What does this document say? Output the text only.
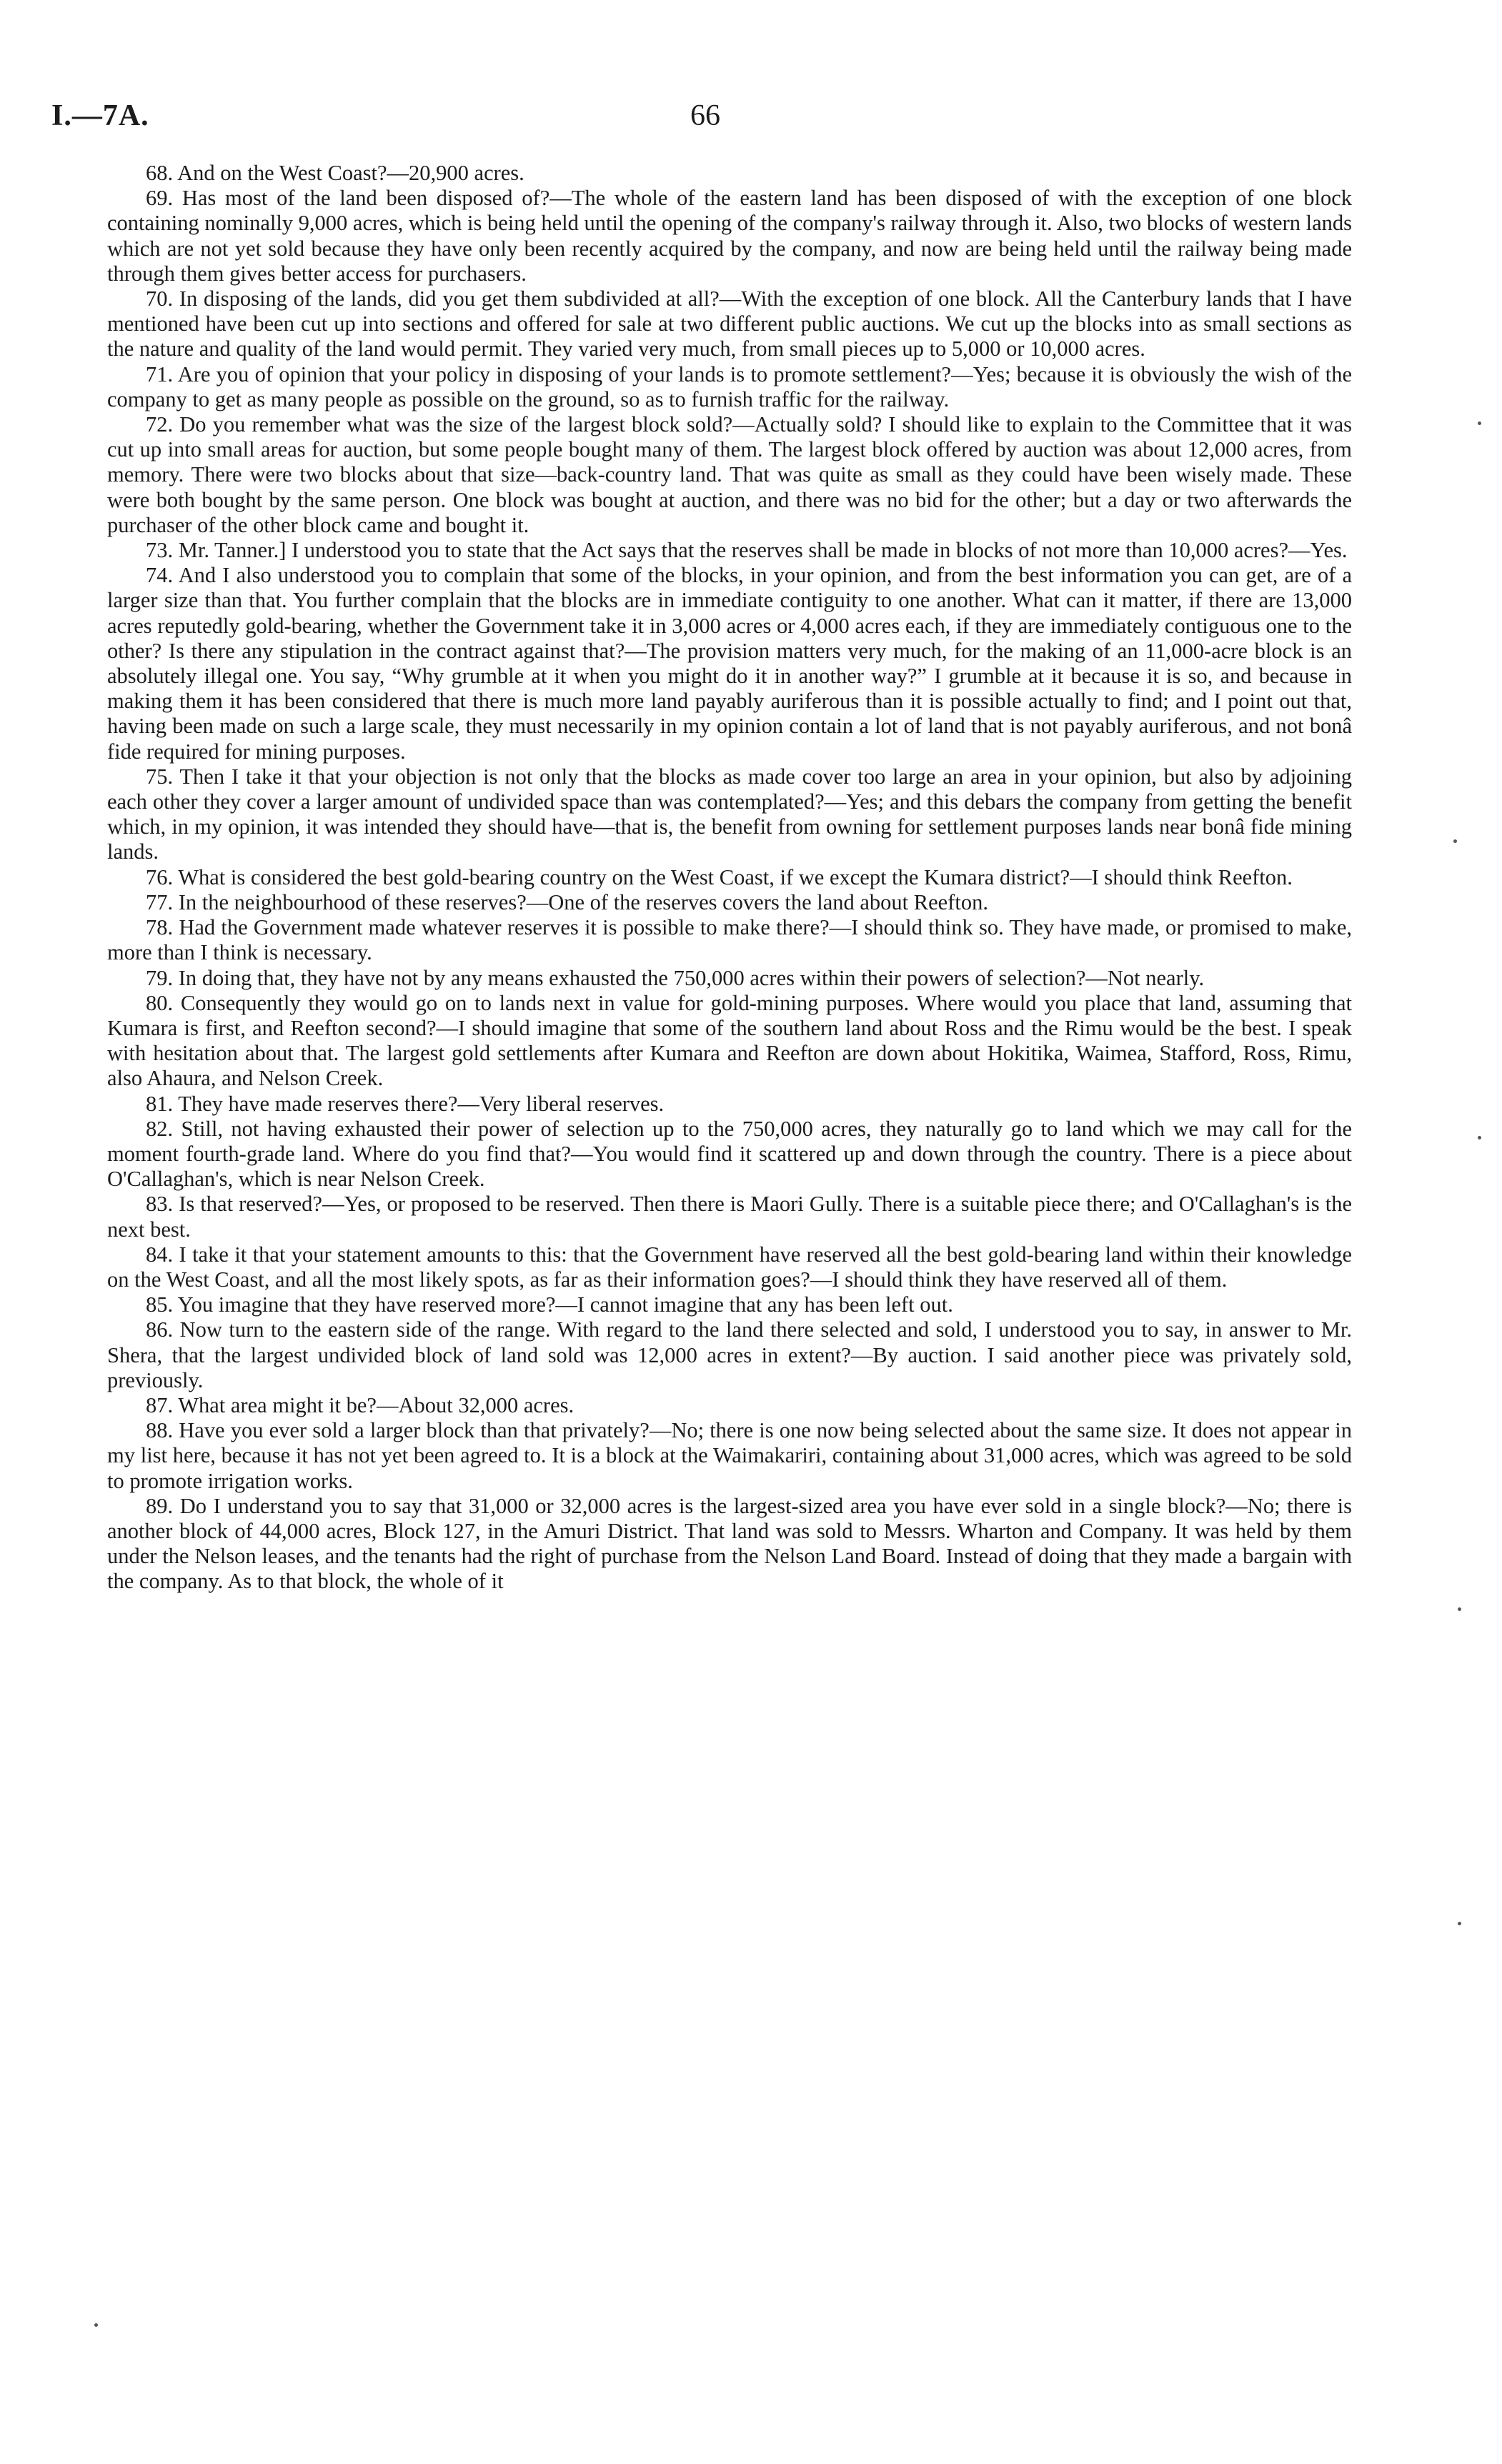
66
I.—7A.

68. And on the West Coast?—20,900 acres.

69. Has most of the land been disposed of?—The whole of the eastern land has been disposed of with the exception of one block containing nominally 9,000 acres, which is being held until the opening of the company's railway through it. Also, two blocks of western lands which are not yet sold because they have only been recently acquired by the company, and now are being held until the railway being made through them gives better access for purchasers.

70. In disposing of the lands, did you get them subdivided at all?—With the exception of one block. All the Canterbury lands that I have mentioned have been cut up into sections and offered for sale at two different public auctions. We cut up the blocks into as small sections as the nature and quality of the land would permit. They varied very much, from small pieces up to 5,000 or 10,000 acres.

71. Are you of opinion that your policy in disposing of your lands is to promote settlement?—Yes; because it is obviously the wish of the company to get as many people as possible on the ground, so as to furnish traffic for the railway.

72. Do you remember what was the size of the largest block sold?—Actually sold? I should like to explain to the Committee that it was cut up into small areas for auction, but some people bought many of them. The largest block offered by auction was about 12,000 acres, from memory. There were two blocks about that size—back-country land. That was quite as small as they could have been wisely made. These were both bought by the same person. One block was bought at auction, and there was no bid for the other; but a day or two afterwards the purchaser of the other block came and bought it.

73. Mr. Tanner.] I understood you to state that the Act says that the reserves shall be made in blocks of not more than 10,000 acres?—Yes.

74. And I also understood you to complain that some of the blocks, in your opinion, and from the best information you can get, are of a larger size than that. You further complain that the blocks are in immediate contiguity to one another. What can it matter, if there are 13,000 acres reputedly gold-bearing, whether the Government take it in 3,000 acres or 4,000 acres each, if they are immediately contiguous one to the other? Is there any stipulation in the contract against that?—The provision matters very much, for the making of an 11,000-acre block is an absolutely illegal one. You say, “Why grumble at it when you might do it in another way?” I grumble at it because it is so, and because in making them it has been considered that there is much more land payably auriferous than it is possible actually to find; and I point out that, having been made on such a large scale, they must necessarily in my opinion contain a lot of land that is not payably auriferous, and not bonâ fide required for mining purposes.

75. Then I take it that your objection is not only that the blocks as made cover too large an area in your opinion, but also by adjoining each other they cover a larger amount of undivided space than was contemplated?—Yes; and this debars the company from getting the benefit which, in my opinion, it was intended they should have—that is, the benefit from owning for settlement purposes lands near bonâ fide mining lands.

76. What is considered the best gold-bearing country on the West Coast, if we except the Kumara district?—I should think Reefton.

77. In the neighbourhood of these reserves?—One of the reserves covers the land about Reefton.

78. Had the Government made whatever reserves it is possible to make there?—I should think so. They have made, or promised to make, more than I think is necessary.

79. In doing that, they have not by any means exhausted the 750,000 acres within their powers of selection?—Not nearly.

80. Consequently they would go on to lands next in value for gold-mining purposes. Where would you place that land, assuming that Kumara is first, and Reefton second?—I should imagine that some of the southern land about Ross and the Rimu would be the best. I speak with hesitation about that. The largest gold settlements after Kumara and Reefton are down about Hokitika, Waimea, Stafford, Ross, Rimu, also Ahaura, and Nelson Creek.

81. They have made reserves there?—Very liberal reserves.

82. Still, not having exhausted their power of selection up to the 750,000 acres, they naturally go to land which we may call for the moment fourth-grade land. Where do you find that?—You would find it scattered up and down through the country. There is a piece about O'Callaghan's, which is near Nelson Creek.

83. Is that reserved?—Yes, or proposed to be reserved. Then there is Maori Gully. There is a suitable piece there; and O'Callaghan's is the next best.

84. I take it that your statement amounts to this: that the Government have reserved all the best gold-bearing land within their knowledge on the West Coast, and all the most likely spots, as far as their information goes?—I should think they have reserved all of them.

85. You imagine that they have reserved more?—I cannot imagine that any has been left out.

86. Now turn to the eastern side of the range. With regard to the land there selected and sold, I understood you to say, in answer to Mr. Shera, that the largest undivided block of land sold was 12,000 acres in extent?—By auction. I said another piece was privately sold, previously.

87. What area might it be?—About 32,000 acres.

88. Have you ever sold a larger block than that privately?—No; there is one now being selected about the same size. It does not appear in my list here, because it has not yet been agreed to. It is a block at the Waimakariri, containing about 31,000 acres, which was agreed to be sold to promote irrigation works.

89. Do I understand you to say that 31,000 or 32,000 acres is the largest-sized area you have ever sold in a single block?—No; there is another block of 44,000 acres, Block 127, in the Amuri District. That land was sold to Messrs. Wharton and Company. It was held by them under the Nelson leases, and the tenants had the right of purchase from the Nelson Land Board. Instead of doing that they made a bargain with the company. As to that block, the whole of it
